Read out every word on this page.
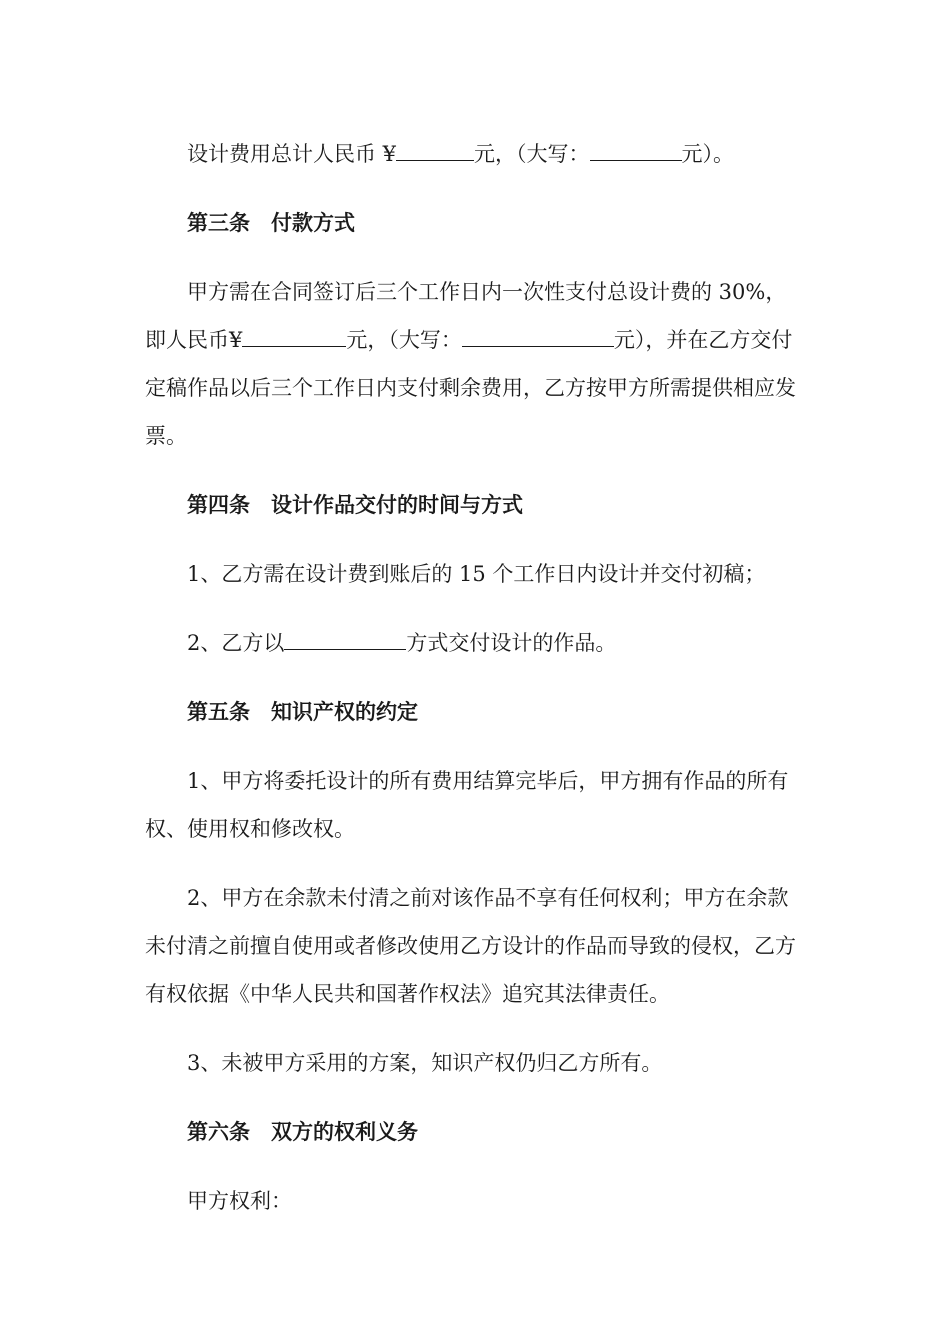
设计费用总计人民币 ¥	元，（大写：	元）。

第三条 付款方式

甲方需在合同签订后三个工作日内一次性支付总设计费的 30%，即人民币¥	元，（大写：	元），并在乙方交付定稿作品以后三个工作日内支付剩余费用，乙方按甲方所需提供相应发票。

第四条 设计作品交付的时间与方式

1、乙方需在设计费到账后的 15 个工作日内设计并交付初稿；

2、乙方以	方式交付设计的作品。

第五条 知识产权的约定

1、甲方将委托设计的所有费用结算完毕后，甲方拥有作品的所有权、使用权和修改权。

2、甲方在余款未付清之前对该作品不享有任何权利；甲方在余款未付清之前擅自使用或者修改使用乙方设计的作品而导致的侵权，乙方有权依据《中华人民共和国著作权法》追究其法律责任。

3、未被甲方采用的方案，知识产权仍归乙方所有。

第六条 双方的权利义务

甲方权利：
